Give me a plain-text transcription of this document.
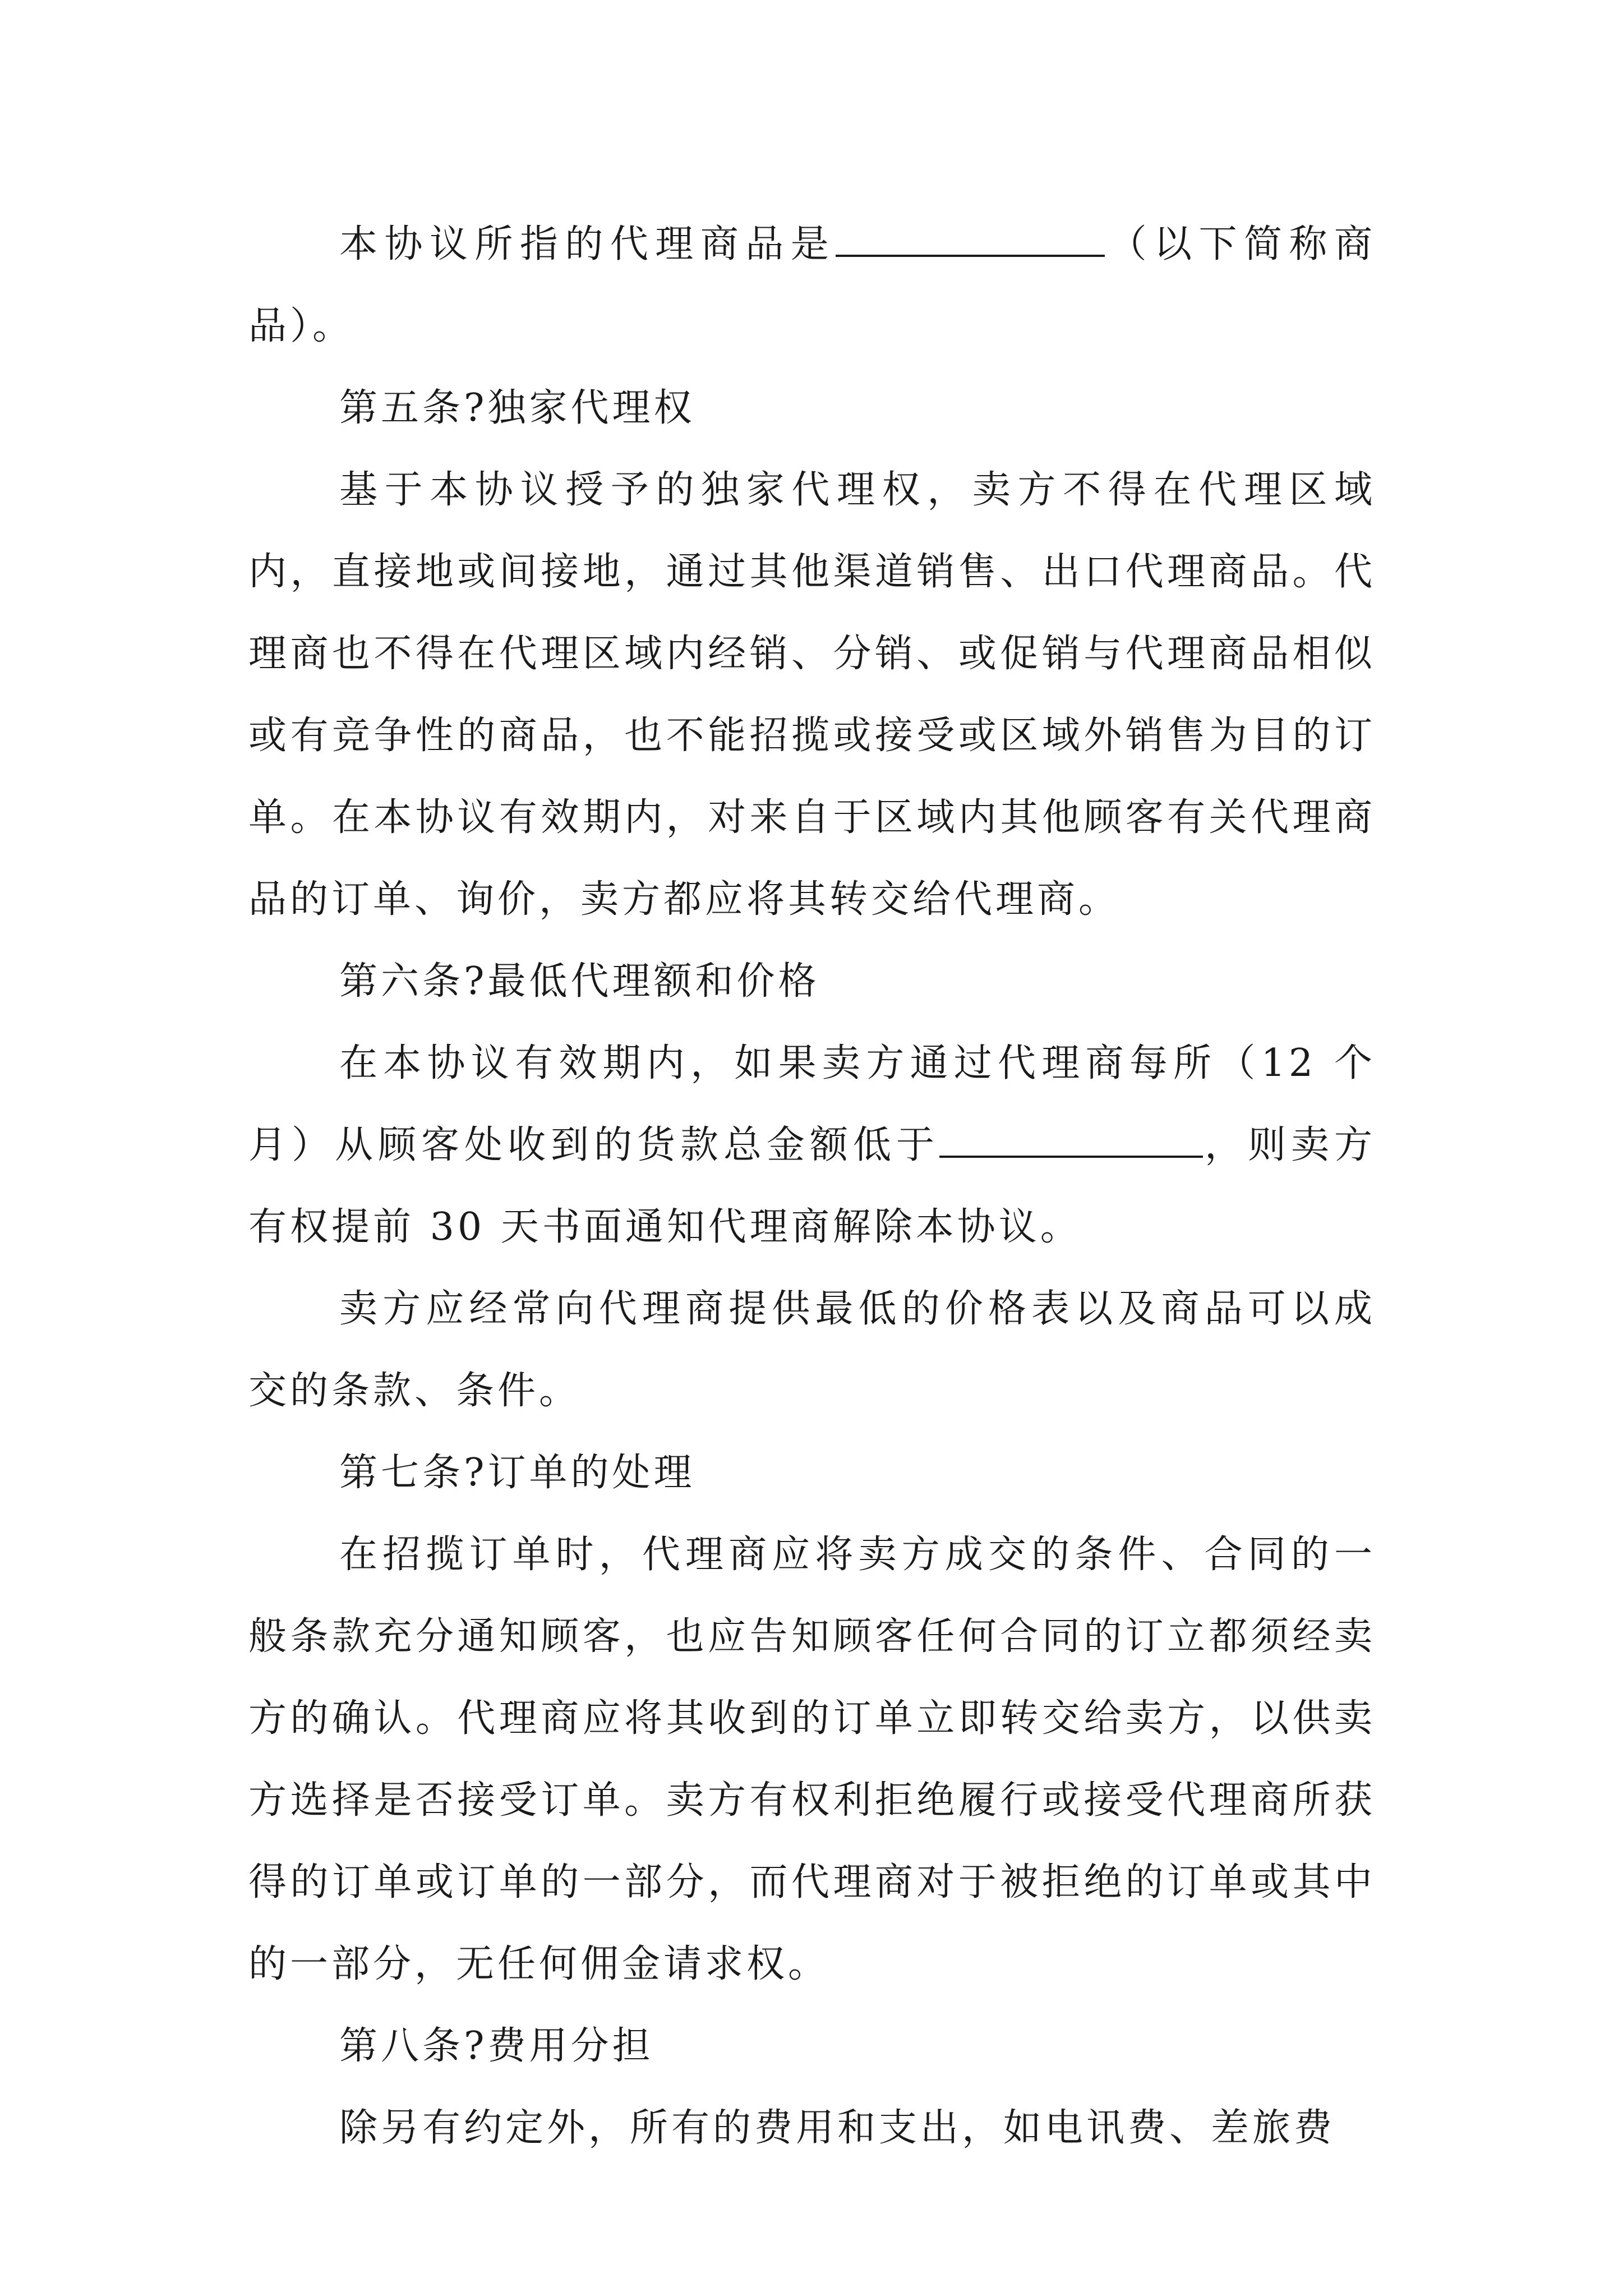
本协议所指的代理商品是	（以下简称商品）。

第五条?独家代理权

基于本协议授予的独家代理权，卖方不得在代理区域内，直接地或间接地，通过其他渠道销售、出口代理商品。代理商也不得在代理区域内经销、分销、或促销与代理商品相似或有竞争性的商品，也不能招揽或接受或区域外销售为目的订单。在本协议有效期内，对来自于区域内其他顾客有关代理商品的订单、询价，卖方都应将其转交给代理商。

第六条?最低代理额和价格

在本协议有效期内，如果卖方通过代理商每所（12 个月）从顾客处收到的货款总金额低于	，则卖方有权提前 30 天书面通知代理商解除本协议。

卖方应经常向代理商提供最低的价格表以及商品可以成交的条款、条件。

第七条?订单的处理

在招揽订单时，代理商应将卖方成交的条件、合同的一般条款充分通知顾客，也应告知顾客任何合同的订立都须经卖方的确认。代理商应将其收到的订单立即转交给卖方，以供卖方选择是否接受订单。卖方有权利拒绝履行或接受代理商所获得的订单或订单的一部分，而代理商对于被拒绝的订单或其中的一部分，无任何佣金请求权。

第八条?费用分担

除另有约定外，所有的费用和支出，如电讯费、差旅费
